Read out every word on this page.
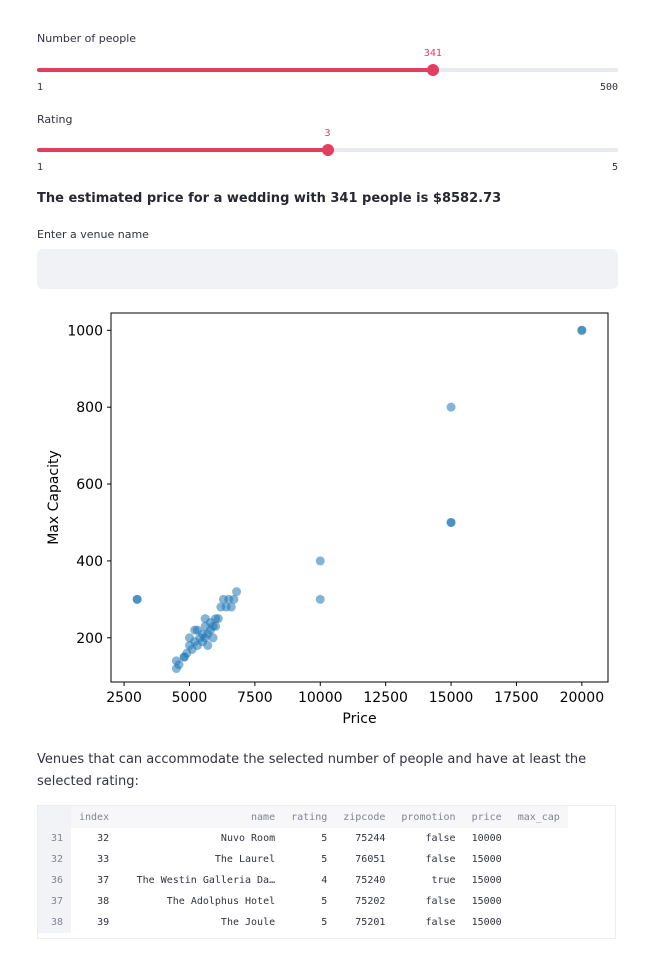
Number of people
341
1	500
Rating
3
1	5
The estimated price for a wedding with 341 people is $8582.73
Enter a venue name
2500 5000 7500 10000 12500 15000 17500 20000
200
400
600
800
1000
Price
Max Capacity
Venues that can accommodate the selected number of people and have at least the selected rating:
	index	name	rating	zipcode	promotion	price	max_cap
31	32	Nuvo Room	5	75244	false	10000	
32	33	The Laurel	5	76051	false	15000	
36	37	The Westin Galleria Da…	4	75240	true	15000	
37	38	The Adolphus Hotel	5	75202	false	15000	
38	39	The Joule	5	75201	false	15000	
